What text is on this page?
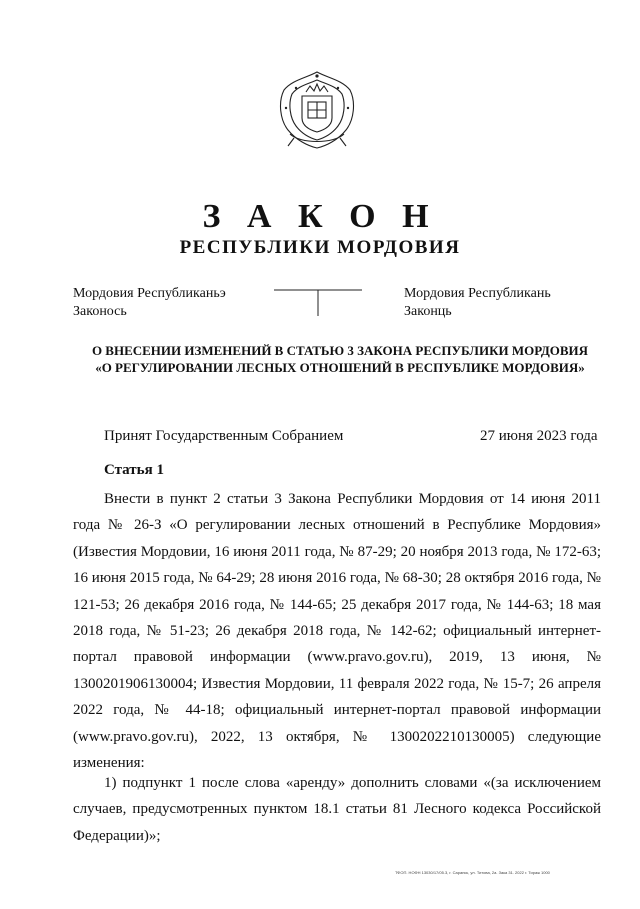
З А К О Н
РЕСПУБЛИКИ МОРДОВИЯ
Мордовия Республиканьэ
Законось
Мордовия Республикань
Законць
О ВНЕСЕНИИ ИЗМЕНЕНИЙ В СТАТЬЮ 3 ЗАКОНА РЕСПУБЛИКИ МОРДОВИЯ
«О РЕГУЛИРОВАНИИ ЛЕСНЫХ ОТНОШЕНИЙ В РЕСПУБЛИКЕ МОРДОВИЯ»
Принят Государственным Собранием	27 июня 2023 года
Статья 1
Внести в пункт 2 статьи 3 Закона Республики Мордовия от 14 июня 2011 года № 26-З «О регулировании лесных отношений в Республике Мордовия» (Известия Мордовии, 16 июня 2011 года, № 87-29; 20 ноября 2013 года, № 172-63; 16 июня 2015 года, № 64-29; 28 июня 2016 года, № 68-30; 28 октября 2016 года, № 121-53; 26 декабря 2016 года, № 144-65; 25 декабря 2017 года, № 144-63; 18 мая 2018 года, № 51-23; 26 декабря 2018 года, № 142-62; официальный интернет-портал правовой информации (www.pravo.gov.ru), 2019, 13 июня, № 1300201906130004; Известия Мордовии, 11 февраля 2022 года, № 15-7; 26 апреля 2022 года, № 44-18; официальный интернет-портал правовой информации (www.pravo.gov.ru), 2022, 13 октября, № 1300202210130005) следующие изменения:
1) подпункт 1 после слова «аренду» дополнить словами «(за исключением случаев, предусмотренных пунктом 18.1 статьи 81 Лесного кодекса Российской Федерации)»;
ТФОП. НОФН 13030/17/05.3, г. Саранск, ул. Титова, 2а. Зака 31. 2022 г. Тираж 1000
